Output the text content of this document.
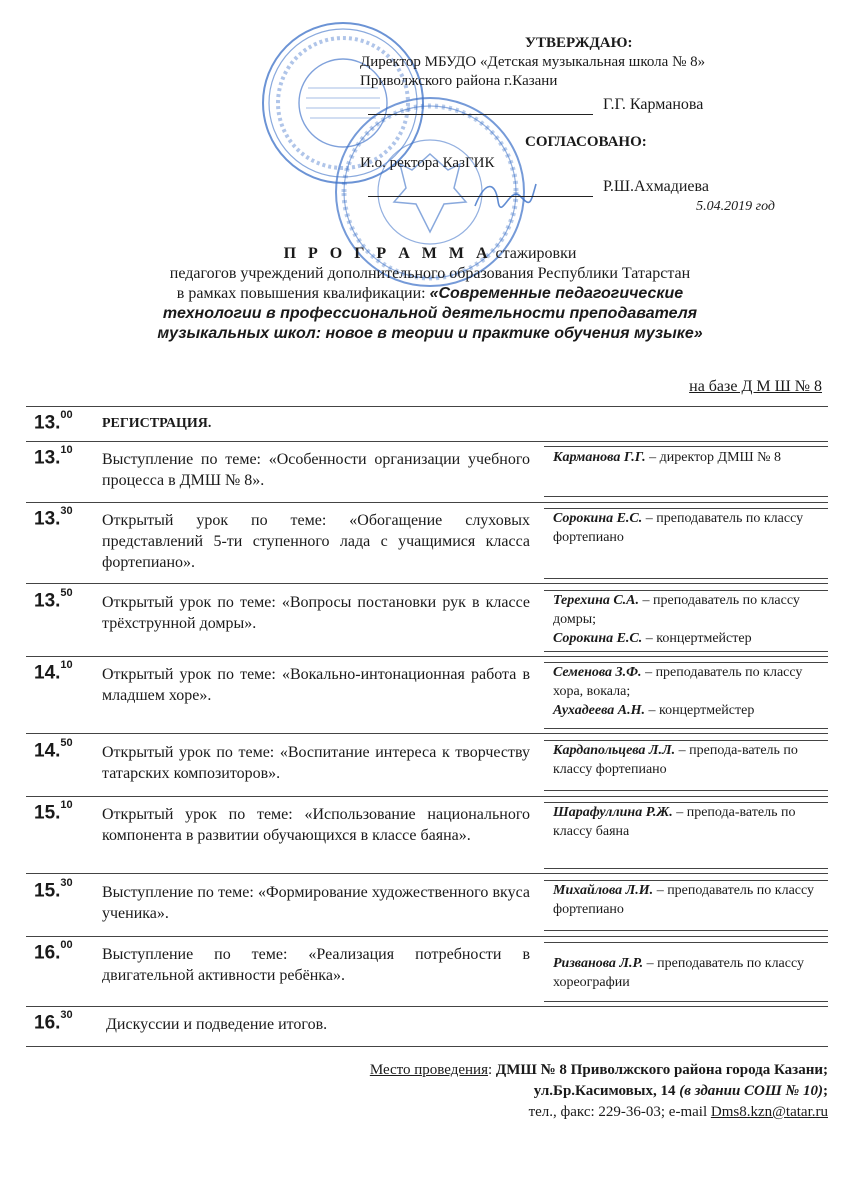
УТВЕРЖДАЮ:
Директор МБУДО «Детская музыкальная школа № 8»
Приволжского района г.Казани
Г.Г. Карманова
СОГЛАСОВАНО:
И.о. ректора КазГИК
Р.Ш.Ахмадиева
5.04.2019 год
П Р О Г Р А М М А стажировки
педагогов учреждений дополнительного образования Республики Татарстан
в рамках повышения квалификации: «Современные педагогические
технологии в профессиональной деятельности преподавателя
музыкальных школ: новое в теории и практике обучения музыке»
на базе Д М Ш № 8
13.00
РЕГИСТРАЦИЯ.
13.10
Выступление по теме: «Особенности организации учебного процесса в ДМШ № 8».
Карманова Г.Г. – директор ДМШ № 8
13.30
Открытый урок по теме: «Обогащение слуховых представлений 5-ти ступенного лада с учащимися класса фортепиано».
Сорокина Е.С. – преподаватель по классу фортепиано
13.50
Открытый урок по теме: «Вопросы постановки рук в классе трёхструнной домры».
Терехина С.А. – преподаватель по классу домры;
Сорокина Е.С. – концертмейстер
14.10
Открытый урок по теме: «Вокально-интонационная работа в младшем хоре».
Семенова З.Ф. – преподаватель по классу хора, вокала;
Аухадеева А.Н. – концертмейстер
14.50
Открытый урок по теме: «Воспитание интереса к творчеству татарских композиторов».
Кардапольцева Л.Л. – препода-ватель по классу фортепиано
15.10
Открытый урок по теме: «Использование национального компонента в развитии обучающихся в классе баяна».
Шарафуллина Р.Ж. – препода-ватель по классу баяна
15.30
Выступление по теме: «Формирование художественного вкуса ученика».
Михайлова Л.И. – преподаватель по классу фортепиано
16.00
Выступление по теме: «Реализация потребности в двигательной активности ребёнка».
Ризванова Л.Р. – преподаватель по классу хореографии
16.30
Дискуссии и подведение итогов.
Место проведения: ДМШ № 8 Приволжского района города Казани;
ул.Бр.Касимовых, 14 (в здании СОШ № 10);
тел., факс: 229-36-03; e-mail Dms8.kzn@tatar.ru
